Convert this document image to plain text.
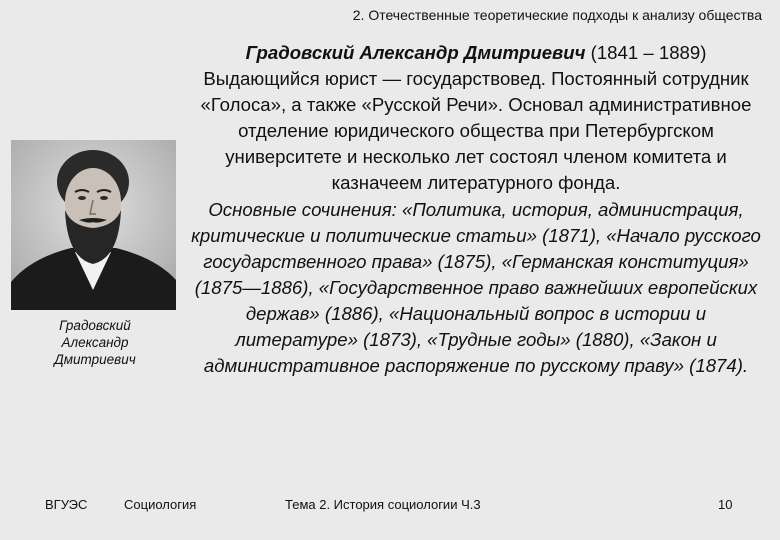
2. Отечественные теоретические подходы к анализу общества
Градовский
Александр
Дмитриевич
Градовский Александр Дмитриевич (1841 – 1889)
Выдающийся юрист — государствовед. Постоянный сотрудник «Голоса», а также «Русской Речи». Основал административное отделение юридического общества при Петербургском университете и несколько лет состоял членом комитета и казначеем литературного фонда.
Основные сочинения: «Политика, история, администрация, критические и политические статьи» (1871), «Начало русского государственного права» (1875), «Германская конституция» (1875—1886), «Государственное право важнейших европейских держав» (1886), «Национальный вопрос в истории и литературе» (1873), «Трудные годы» (1880), «Закон и административное распоряжение по русскому праву» (1874).
ВГУЭС	Социология	Тема 2. История социологии Ч.3	10
